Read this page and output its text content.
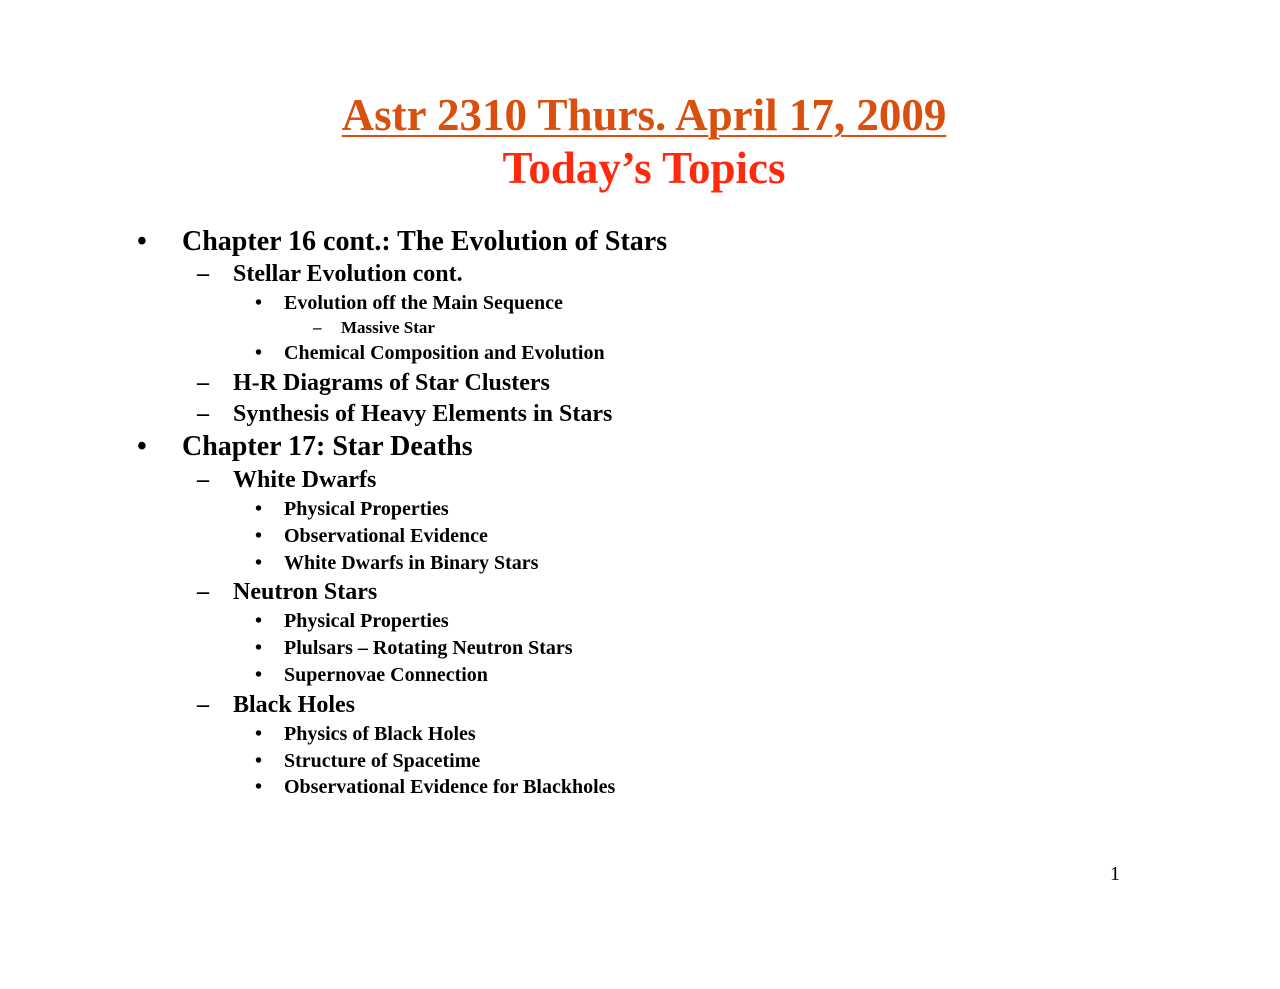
Astr 2310 Thurs. April 17, 2009
Today’s Topics
• Chapter 16 cont.: The Evolution of Stars
– Stellar Evolution cont.
• Evolution off the Main Sequence
– Massive Star
• Chemical Composition and Evolution
– H-R Diagrams of Star Clusters
– Synthesis of Heavy Elements in Stars
• Chapter 17: Star Deaths
– White Dwarfs
• Physical Properties
• Observational Evidence
• White Dwarfs in Binary Stars
– Neutron Stars
• Physical Properties
• Plulsars – Rotating Neutron Stars
• Supernovae Connection
– Black Holes
• Physics of Black Holes
• Structure of Spacetime
• Observational Evidence for Blackholes
1
